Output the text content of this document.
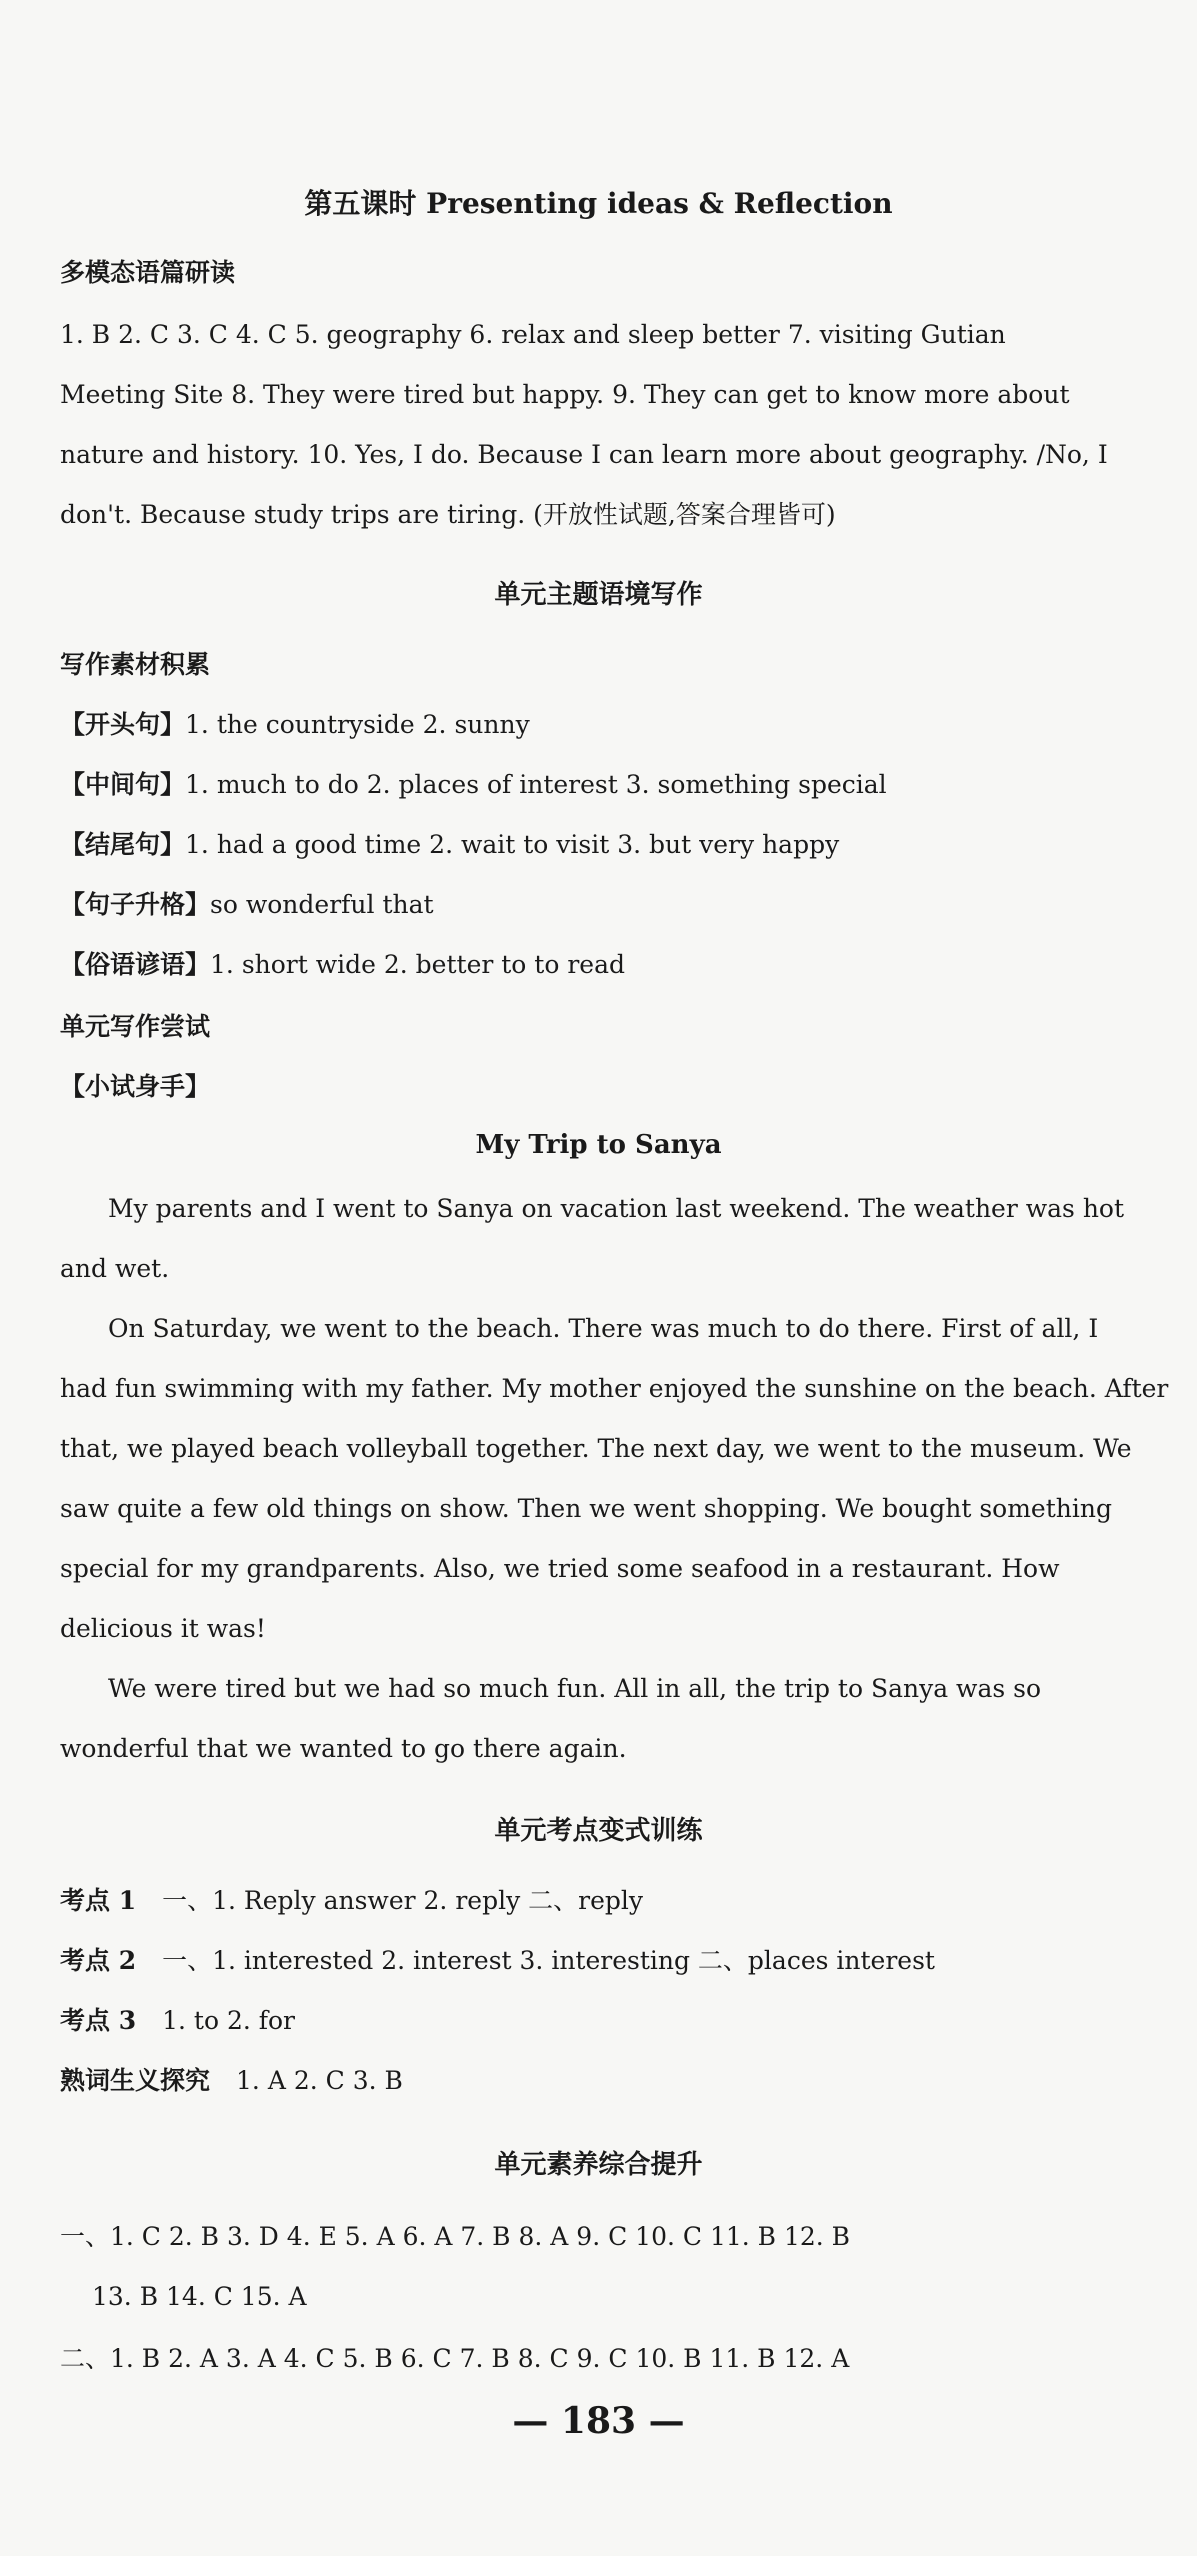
第五课时 Presenting ideas & Reflection
多模态语篇研读
1. B 2. C 3. C 4. C 5. geography 6. relax and sleep better 7. visiting Gutian
Meeting Site 8. They were tired but happy. 9. They can get to know more about
nature and history. 10. Yes, I do. Because I can learn more about geography. /No, I
don't. Because study trips are tiring. (开放性试题,答案合理皆可)
单元主题语境写作
写作素材积累
【开头句】1. the countryside 2. sunny
【中间句】1. much to do 2. places of interest 3. something special
【结尾句】1. had a good time 2. wait to visit 3. but very happy
【句子升格】so wonderful that
【俗语谚语】1. short wide 2. better to to read
单元写作尝试
【小试身手】
My Trip to Sanya
My parents and I went to Sanya on vacation last weekend. The weather was hot
and wet.
On Saturday, we went to the beach. There was much to do there. First of all, I
had fun swimming with my father. My mother enjoyed the sunshine on the beach. After
that, we played beach volleyball together. The next day, we went to the museum. We
saw quite a few old things on show. Then we went shopping. We bought something
special for my grandparents. Also, we tried some seafood in a restaurant. How
delicious it was!
We were tired but we had so much fun. All in all, the trip to Sanya was so
wonderful that we wanted to go there again.
单元考点变式训练
考点 1 一、1. Reply answer 2. reply 二、reply
考点 2 一、1. interested 2. interest 3. interesting 二、places interest
考点 3 1. to 2. for
熟词生义探究 1. A 2. C 3. B
单元素养综合提升
一、1. C 2. B 3. D 4. E 5. A 6. A 7. B 8. A 9. C 10. C 11. B 12. B
13. B 14. C 15. A
二、1. B 2. A 3. A 4. C 5. B 6. C 7. B 8. C 9. C 10. B 11. B 12. A
— 183 —
